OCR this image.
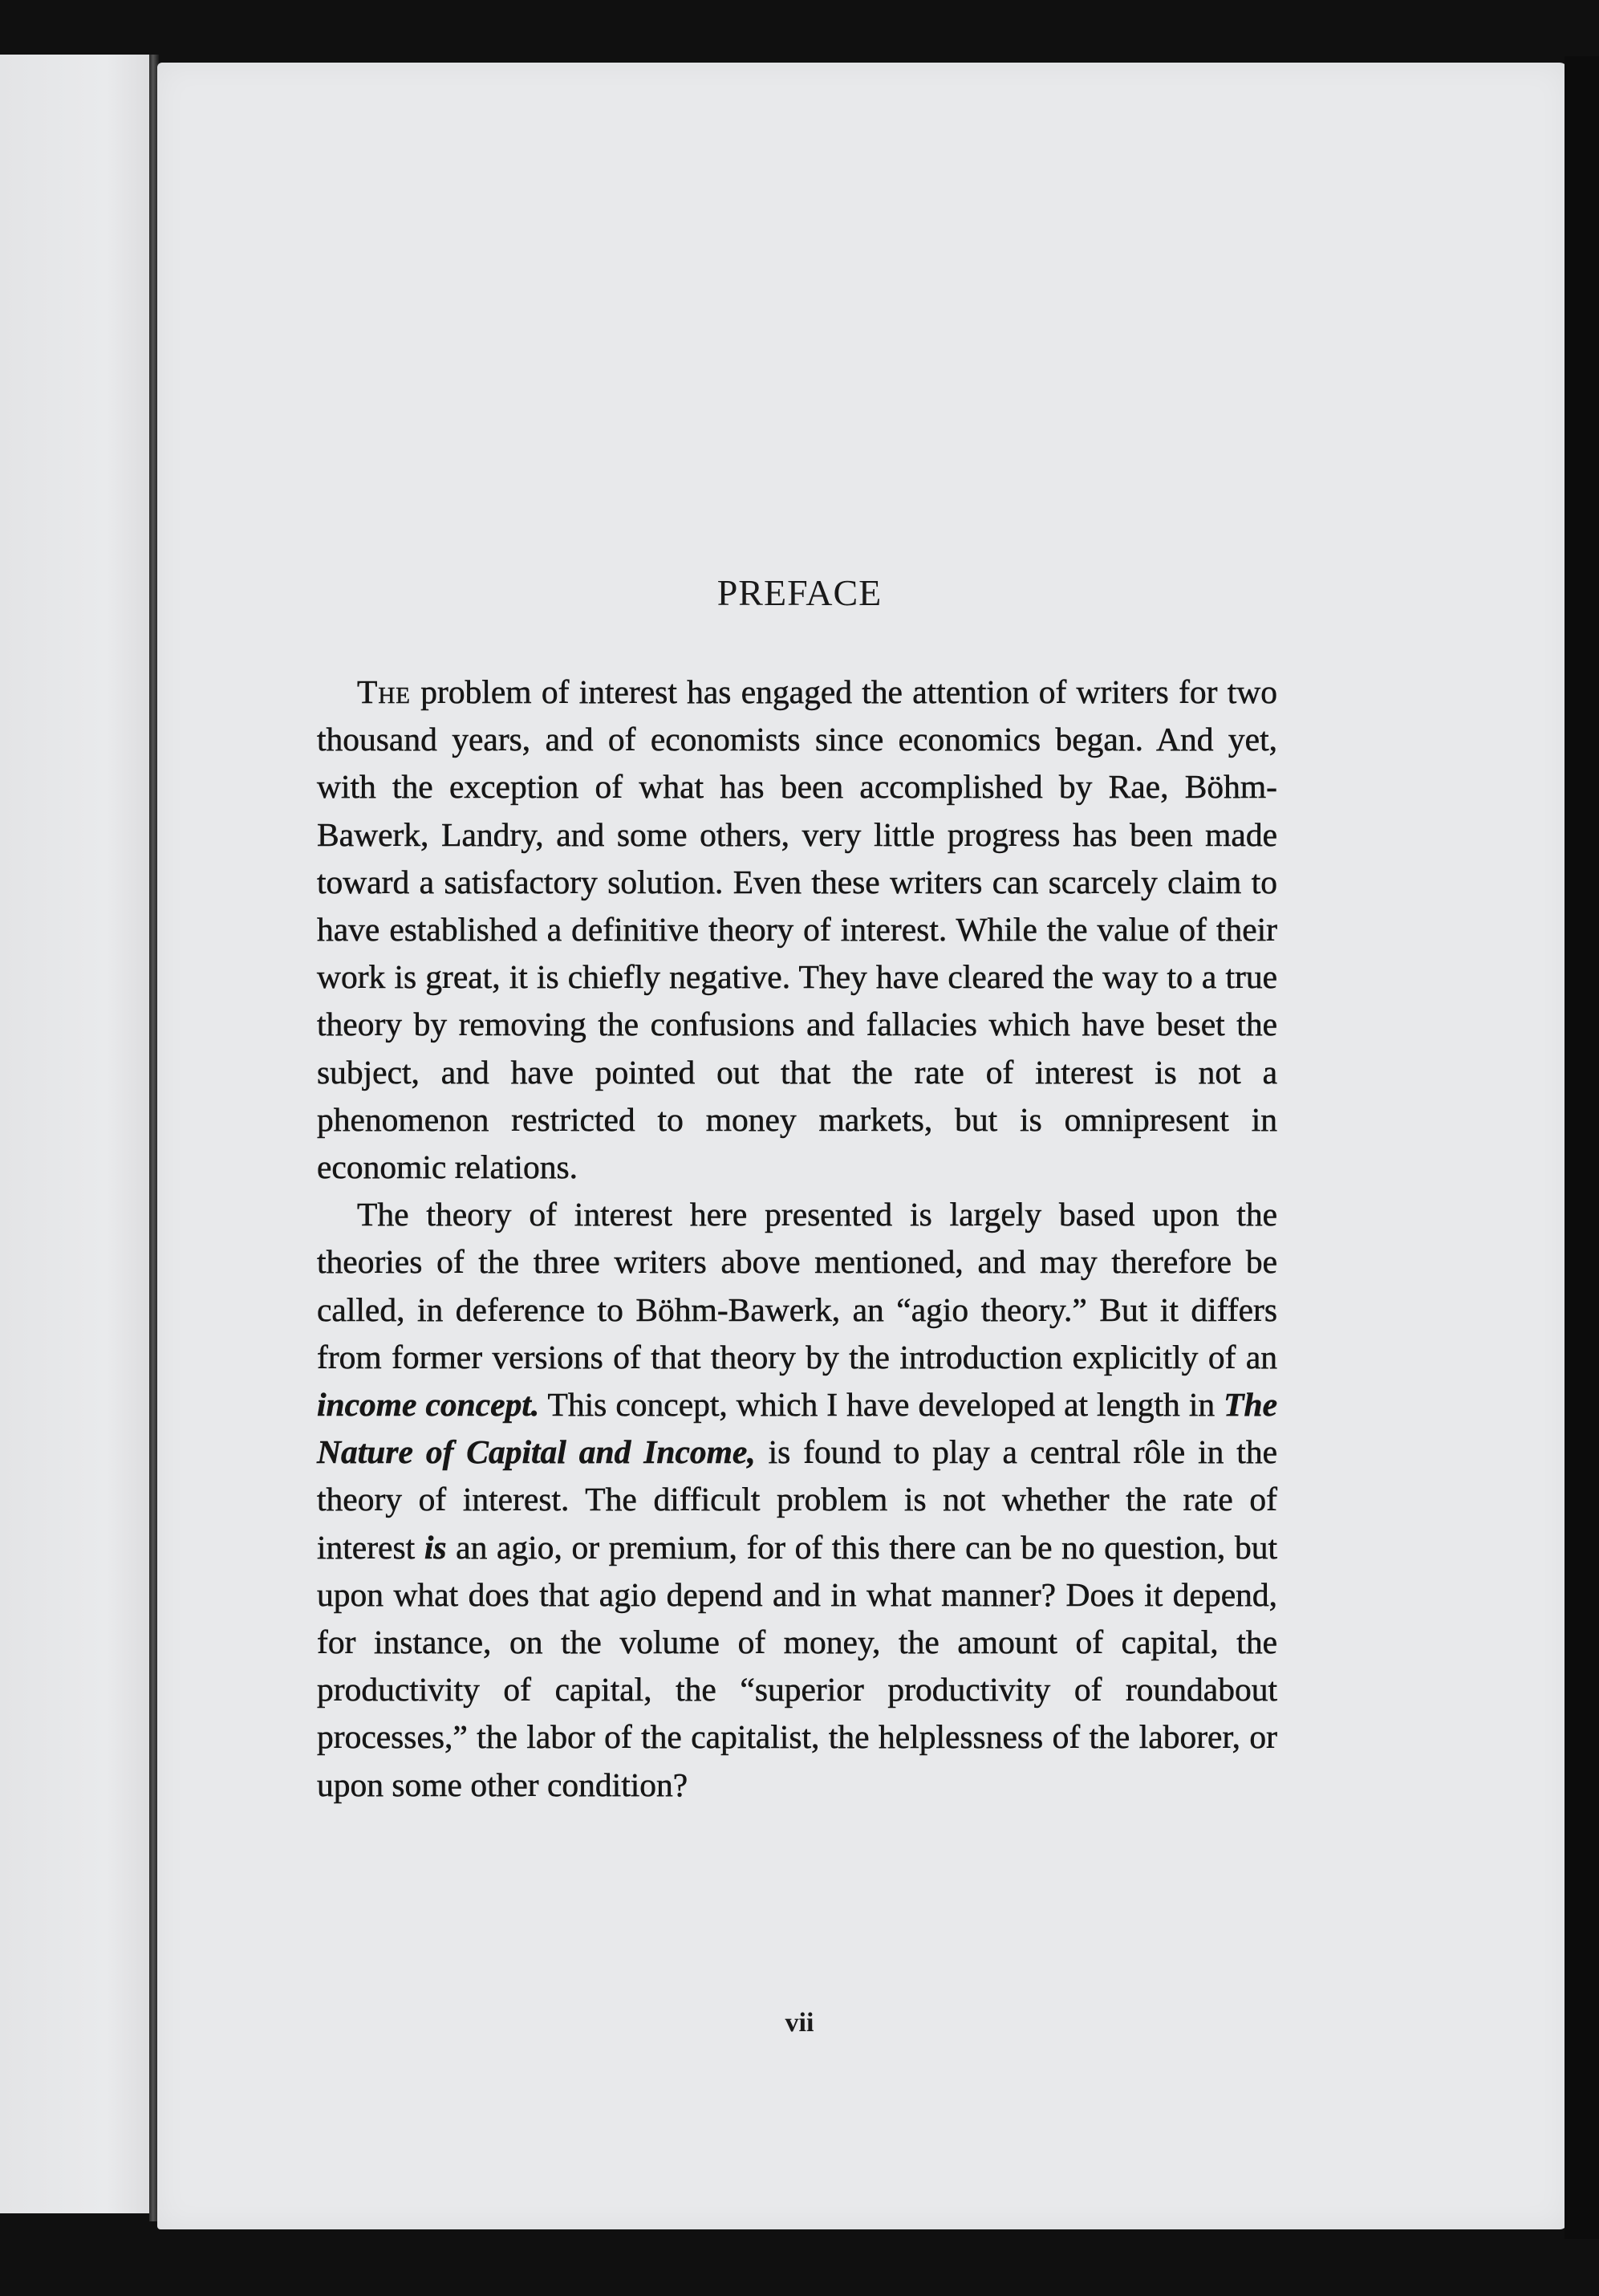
PREFACE

The problem of interest has engaged the attention of writers for two thousand years, and of economists since economics began. And yet, with the exception of what has been accomplished by Rae, Böhm-Bawerk, Landry, and some others, very little progress has been made toward a satisfactory solution. Even these writers can scarcely claim to have established a definitive theory of interest. While the value of their work is great, it is chiefly negative. They have cleared the way to a true theory by removing the confusions and fallacies which have beset the subject, and have pointed out that the rate of interest is not a phenomenon restricted to money markets, but is omnipresent in economic relations.

The theory of interest here presented is largely based upon the theories of the three writers above mentioned, and may therefore be called, in deference to Böhm-Bawerk, an “agio theory.” But it differs from former versions of that theory by the introduction explicitly of an income concept. This concept, which I have developed at length in The Nature of Capital and Income, is found to play a central rôle in the theory of interest. The difficult problem is not whether the rate of interest is an agio, or premium, for of this there can be no question, but upon what does that agio depend and in what manner? Does it depend, for instance, on the volume of money, the amount of capital, the productivity of capital, the “superior productivity of roundabout processes,” the labor of the capitalist, the helplessness of the laborer, or upon some other condition?

vii
